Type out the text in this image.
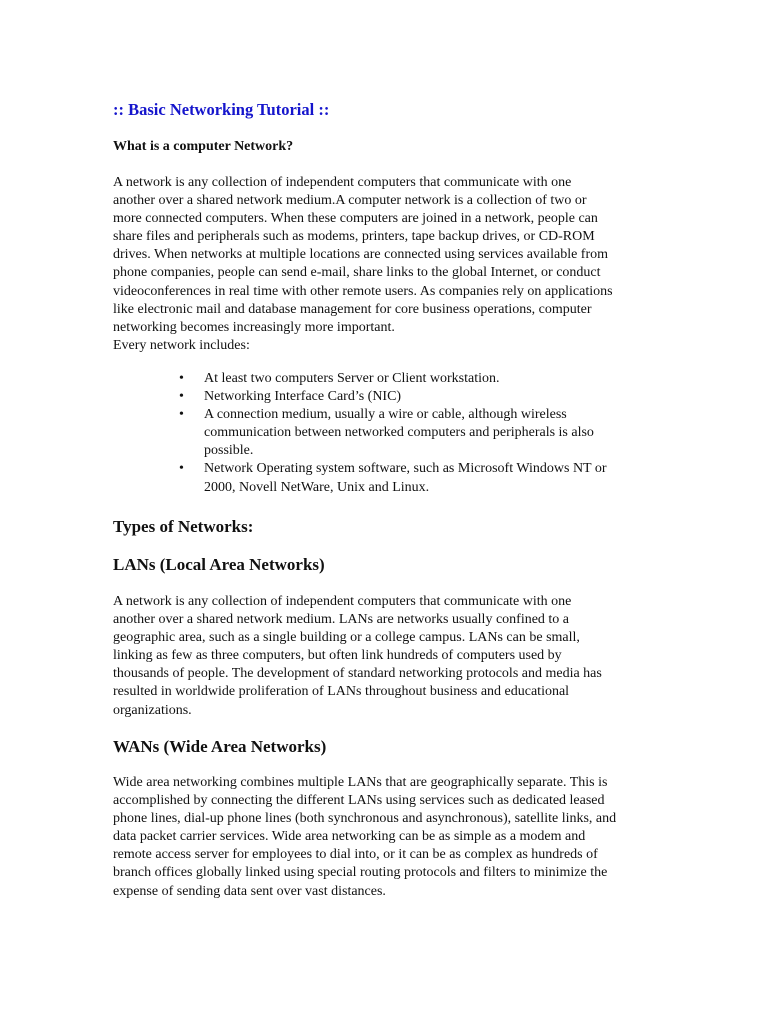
:: Basic Networking Tutorial ::

What is a computer Network?

A network is any collection of independent computers that communicate with one
another over a shared network medium.A computer network is a collection of two or
more connected computers. When these computers are joined in a network, people can
share files and peripherals such as modems, printers, tape backup drives, or CD-ROM
drives. When networks at multiple locations are connected using services available from
phone companies, people can send e-mail, share links to the global Internet, or conduct
videoconferences in real time with other remote users. As companies rely on applications
like electronic mail and database management for core business operations, computer
networking becomes increasingly more important.
Every network includes:

• At least two computers Server or Client workstation.
• Networking Interface Card’s (NIC)
• A connection medium, usually a wire or cable, although wireless
communication between networked computers and peripherals is also
possible.
• Network Operating system software, such as Microsoft Windows NT or
2000, Novell NetWare, Unix and Linux.
Types of Networks:
LANs (Local Area Networks)

A network is any collection of independent computers that communicate with one
another over a shared network medium. LANs are networks usually confined to a
geographic area, such as a single building or a college campus. LANs can be small,
linking as few as three computers, but often link hundreds of computers used by
thousands of people. The development of standard networking protocols and media has
resulted in worldwide proliferation of LANs throughout business and educational
organizations.

WANs (Wide Area Networks)

Wide area networking combines multiple LANs that are geographically separate. This is
accomplished by connecting the different LANs using services such as dedicated leased
phone lines, dial-up phone lines (both synchronous and asynchronous), satellite links, and
data packet carrier services. Wide area networking can be as simple as a modem and
remote access server for employees to dial into, or it can be as complex as hundreds of
branch offices globally linked using special routing protocols and filters to minimize the
expense of sending data sent over vast distances.
